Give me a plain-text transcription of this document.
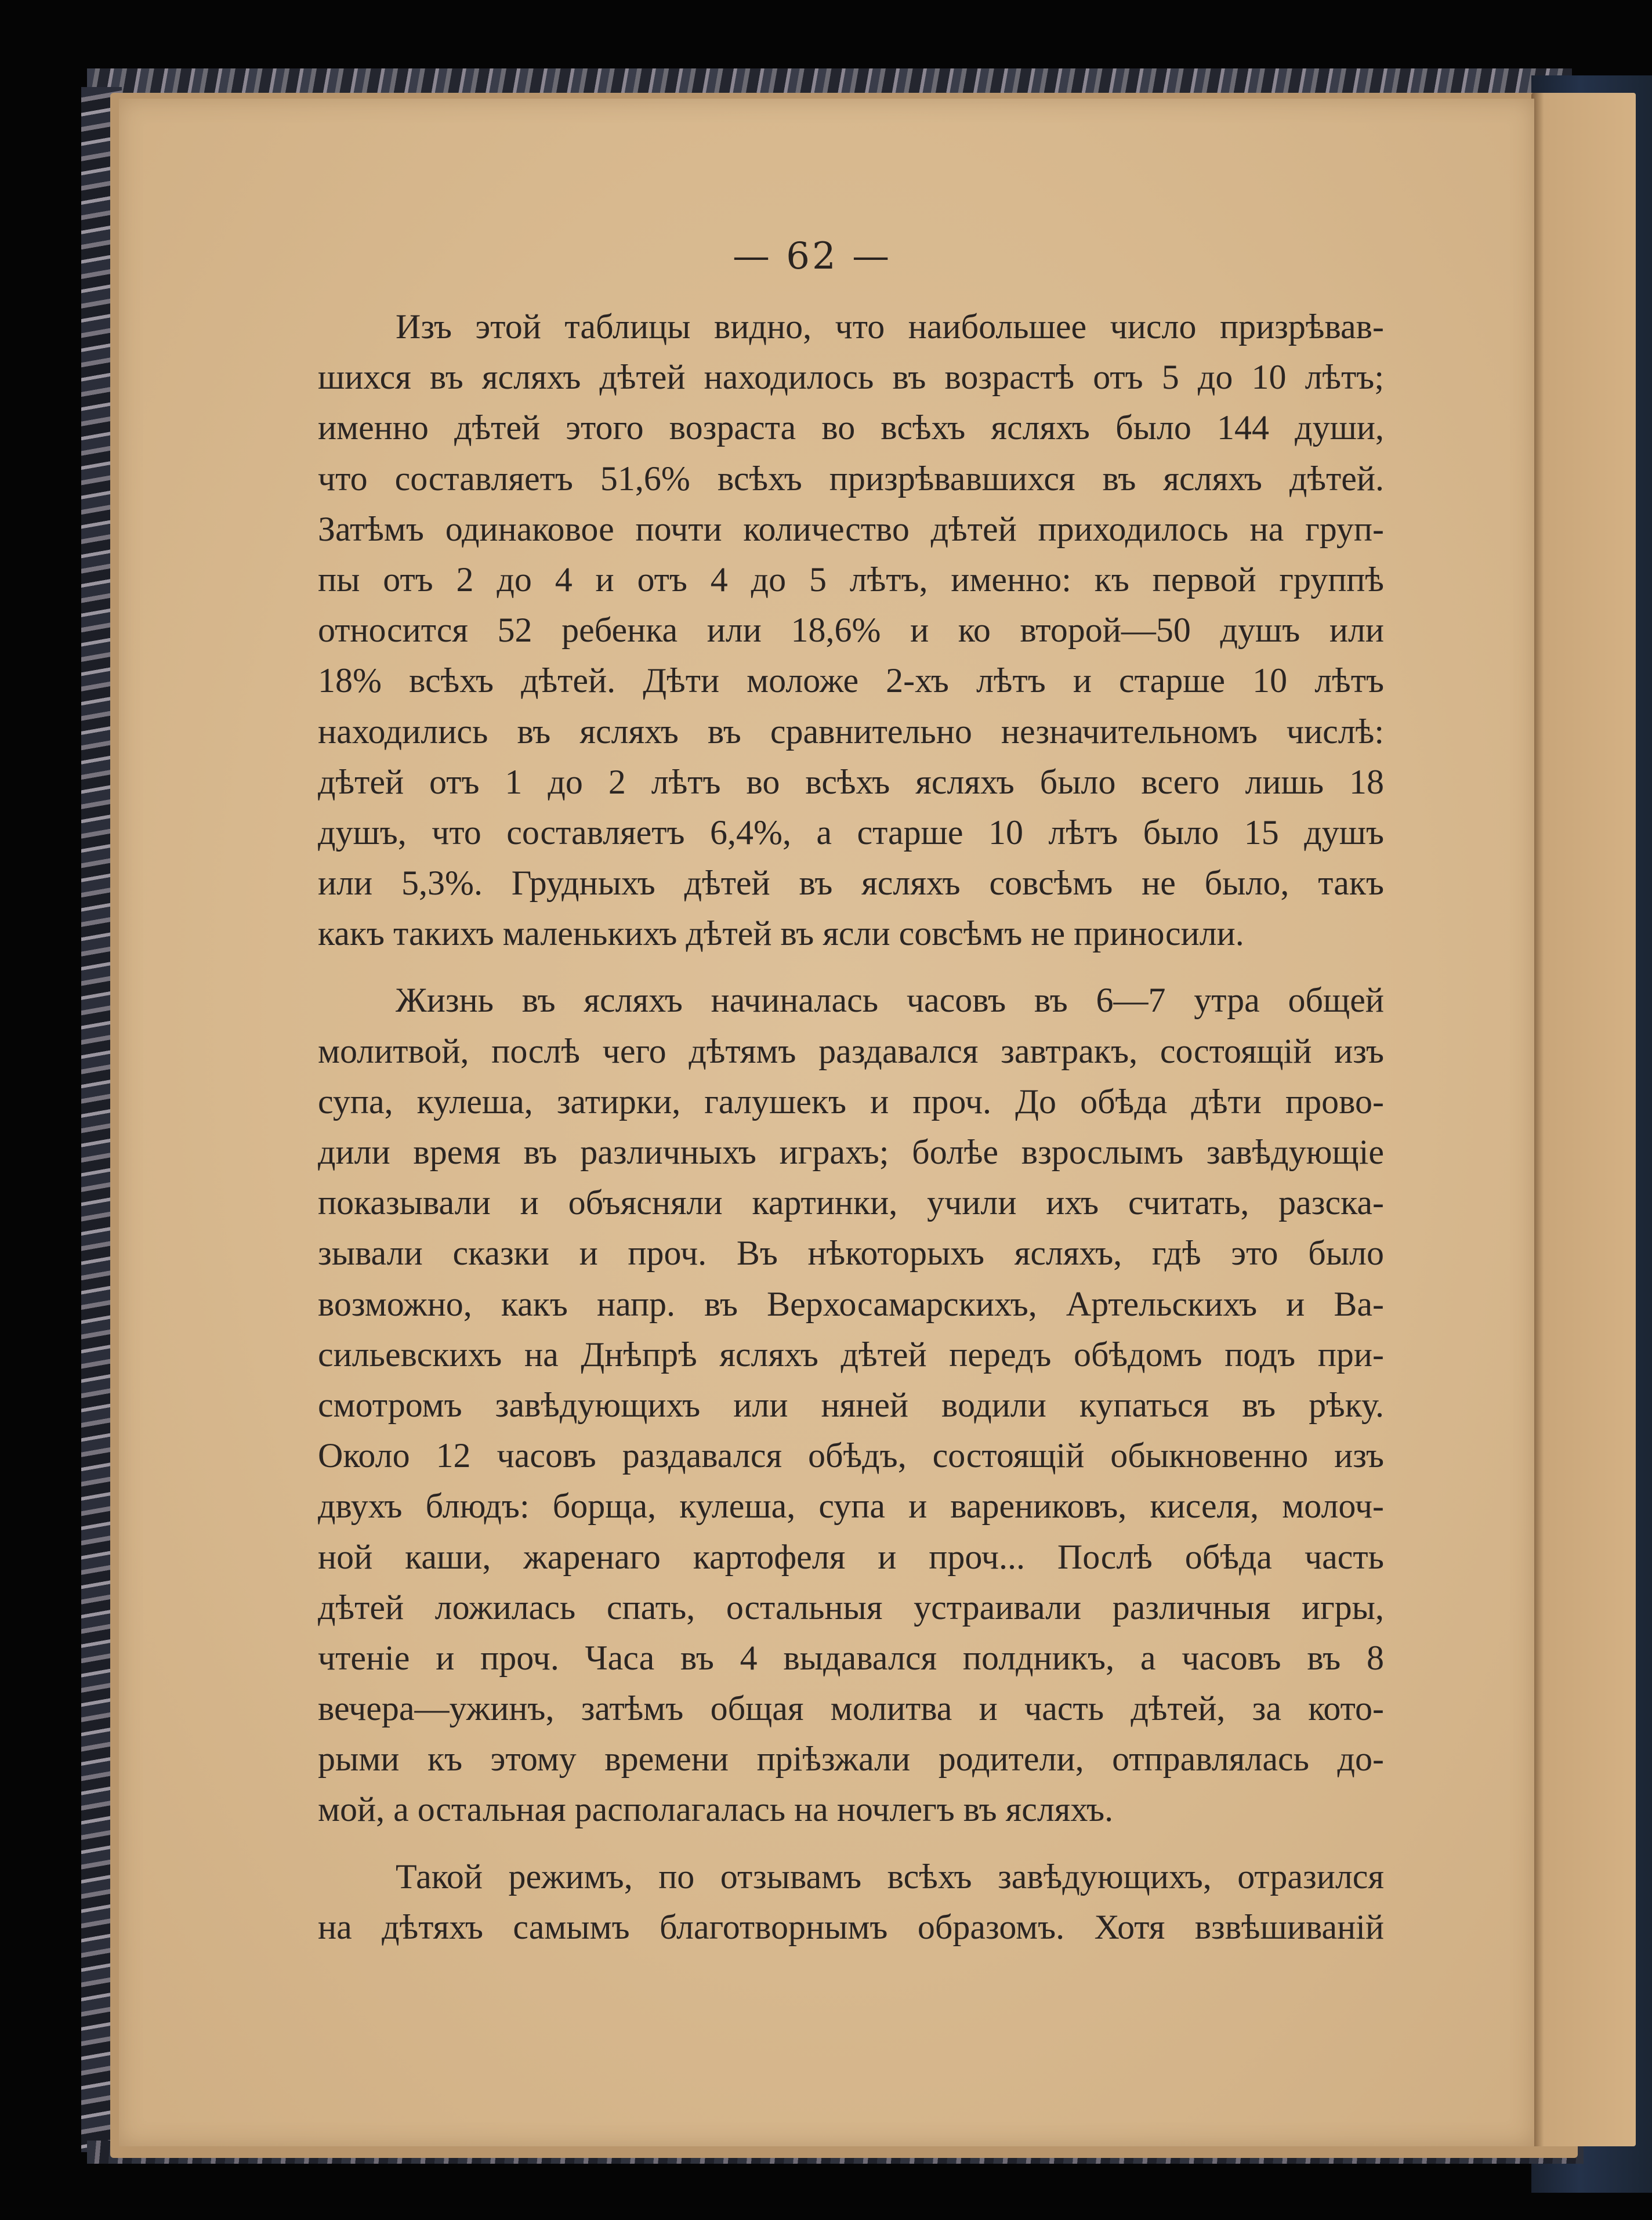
— 62 —
Изъ этой таблицы видно, что наибольшее число призрѣвав-
шихся въ ясляхъ дѣтей находилось въ возрастѣ отъ 5 до 10 лѣтъ;
именно дѣтей этого возраста во всѣхъ ясляхъ было 144 души,
что составляетъ 51,6% всѣхъ призрѣвавшихся въ ясляхъ дѣтей.
Затѣмъ одинаковое почти количество дѣтей приходилось на груп-
пы отъ 2 до 4 и отъ 4 до 5 лѣтъ, именно: къ первой группѣ
относится 52 ребенка или 18,6% и ко второй—50 душъ или
18% всѣхъ дѣтей. Дѣти моложе 2-хъ лѣтъ и старше 10 лѣтъ
находились въ ясляхъ въ сравнительно незначительномъ числѣ:
дѣтей отъ 1 до 2 лѣтъ во всѣхъ ясляхъ было всего лишь 18
душъ, что составляетъ 6,4%, а старше 10 лѣтъ было 15 душъ
или 5,3%. Грудныхъ дѣтей въ ясляхъ совсѣмъ не было, такъ
какъ такихъ маленькихъ дѣтей въ ясли совсѣмъ не приносили.
Жизнь въ ясляхъ начиналась часовъ въ 6—7 утра общей
молитвой, послѣ чего дѣтямъ раздавался завтракъ, состоящій изъ
супа, кулеша, затирки, галушекъ и проч. До обѣда дѣти прово-
дили время въ различныхъ играхъ; болѣе взрослымъ завѣдующіе
показывали и объясняли картинки, учили ихъ считать, разска-
зывали сказки и проч. Въ нѣкоторыхъ ясляхъ, гдѣ это было
возможно, какъ напр. въ Верхосамарскихъ, Артельскихъ и Ва-
сильевскихъ на Днѣпрѣ ясляхъ дѣтей передъ обѣдомъ подъ при-
смотромъ завѣдующихъ или няней водили купаться въ рѣку.
Около 12 часовъ раздавался обѣдъ, состоящій обыкновенно изъ
двухъ блюдъ: борща, кулеша, супа и варениковъ, киселя, молоч-
ной каши, жаренаго картофеля и проч... Послѣ обѣда часть
дѣтей ложилась спать, остальныя устраивали различныя игры,
чтеніе и проч. Часа въ 4 выдавался полдникъ, а часовъ въ 8
вечера—ужинъ, затѣмъ общая молитва и часть дѣтей, за кото-
рыми къ этому времени пріѣзжали родители, отправлялась до-
мой, а остальная располагалась на ночлегъ въ ясляхъ.
Такой режимъ, по отзывамъ всѣхъ завѣдующихъ, отразился
на дѣтяхъ самымъ благотворнымъ образомъ. Хотя взвѣшиваній
